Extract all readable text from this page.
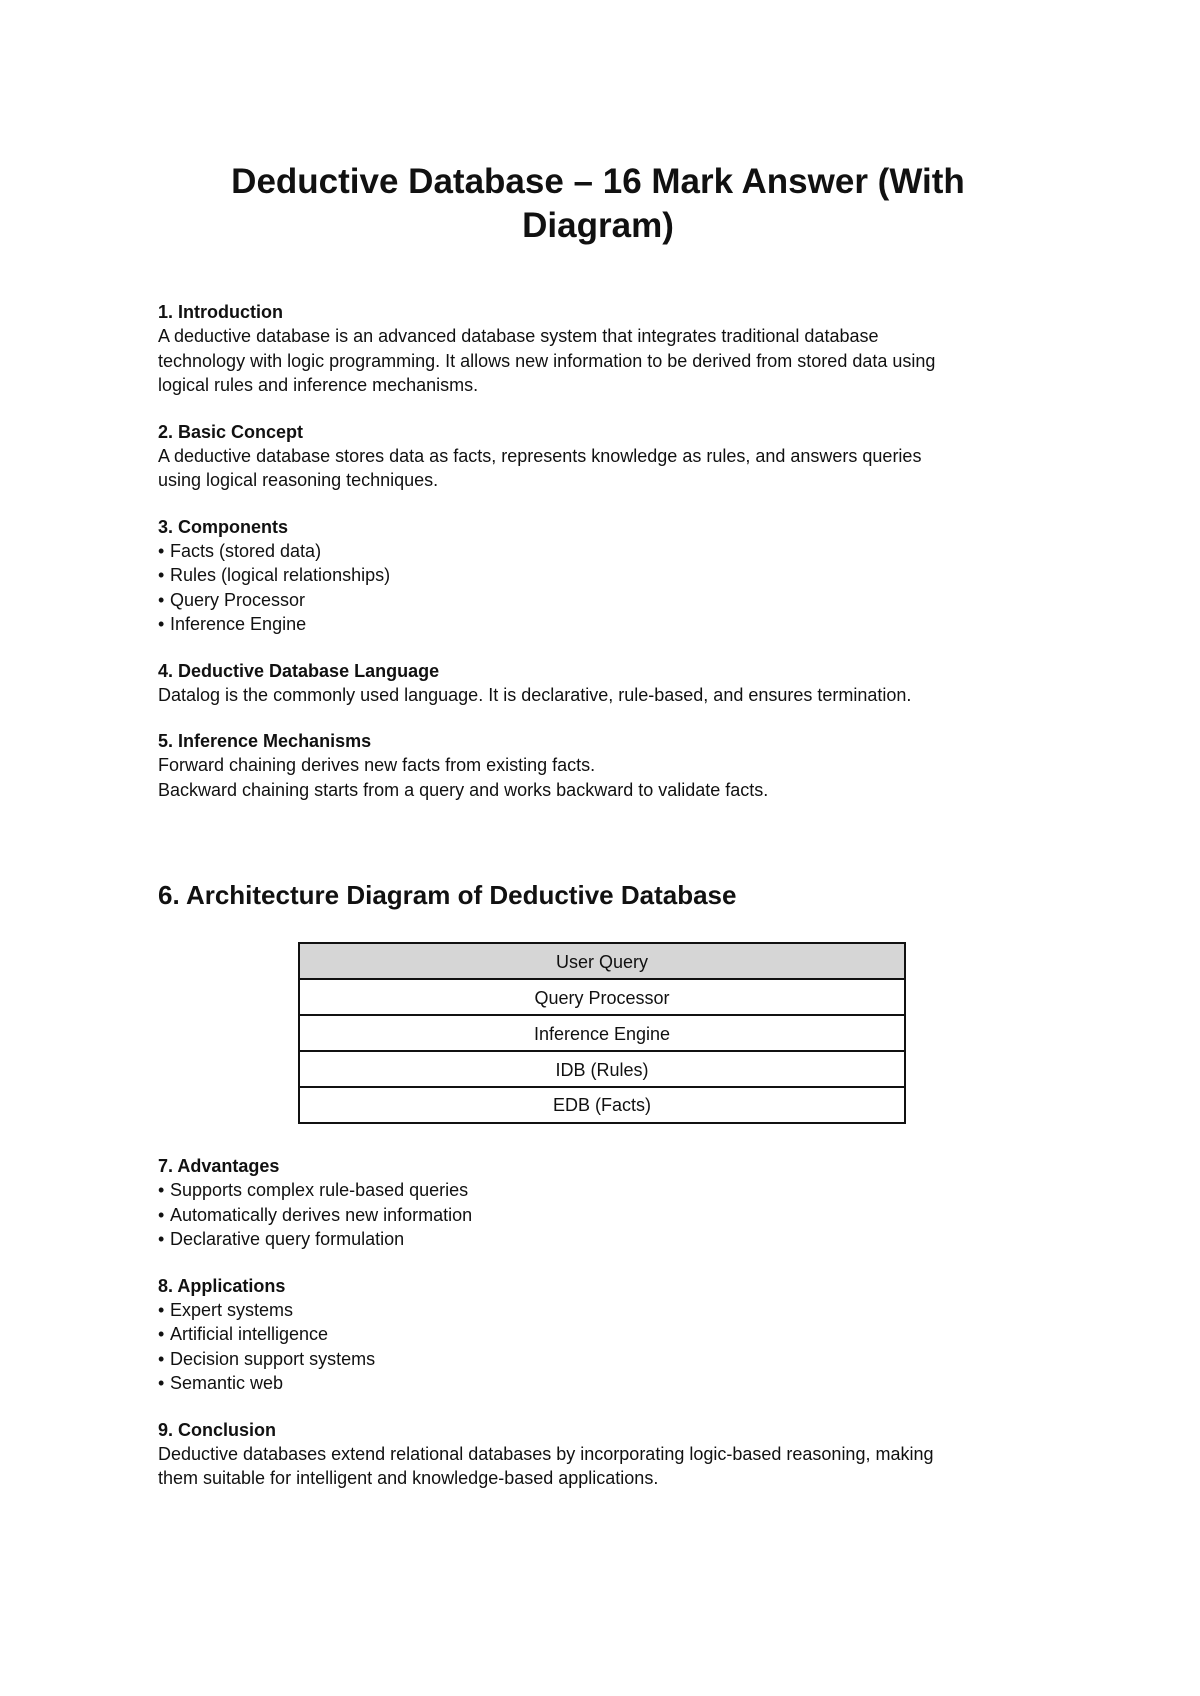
Deductive Database – 16 Mark Answer (With Diagram)

1. Introduction

A deductive database is an advanced database system that integrates traditional database

technology with logic programming. It allows new information to be derived from stored data using

logical rules and inference mechanisms.

2. Basic Concept

A deductive database stores data as facts, represents knowledge as rules, and answers queries

using logical reasoning techniques.

3. Components

• Facts (stored data)
• Rules (logical relationships)
• Query Processor
• Inference Engine

4. Deductive Database Language

Datalog is the commonly used language. It is declarative, rule-based, and ensures termination.

5. Inference Mechanisms

Forward chaining derives new facts from existing facts.

Backward chaining starts from a query and works backward to validate facts.

6. Architecture Diagram of Deductive Database
User Query
Query Processor
Inference Engine
IDB (Rules)
EDB (Facts)

7. Advantages

• Supports complex rule-based queries
• Automatically derives new information
• Declarative query formulation

8. Applications

• Expert systems
• Artificial intelligence
• Decision support systems
• Semantic web

9. Conclusion

Deductive databases extend relational databases by incorporating logic-based reasoning, making

them suitable for intelligent and knowledge-based applications.
